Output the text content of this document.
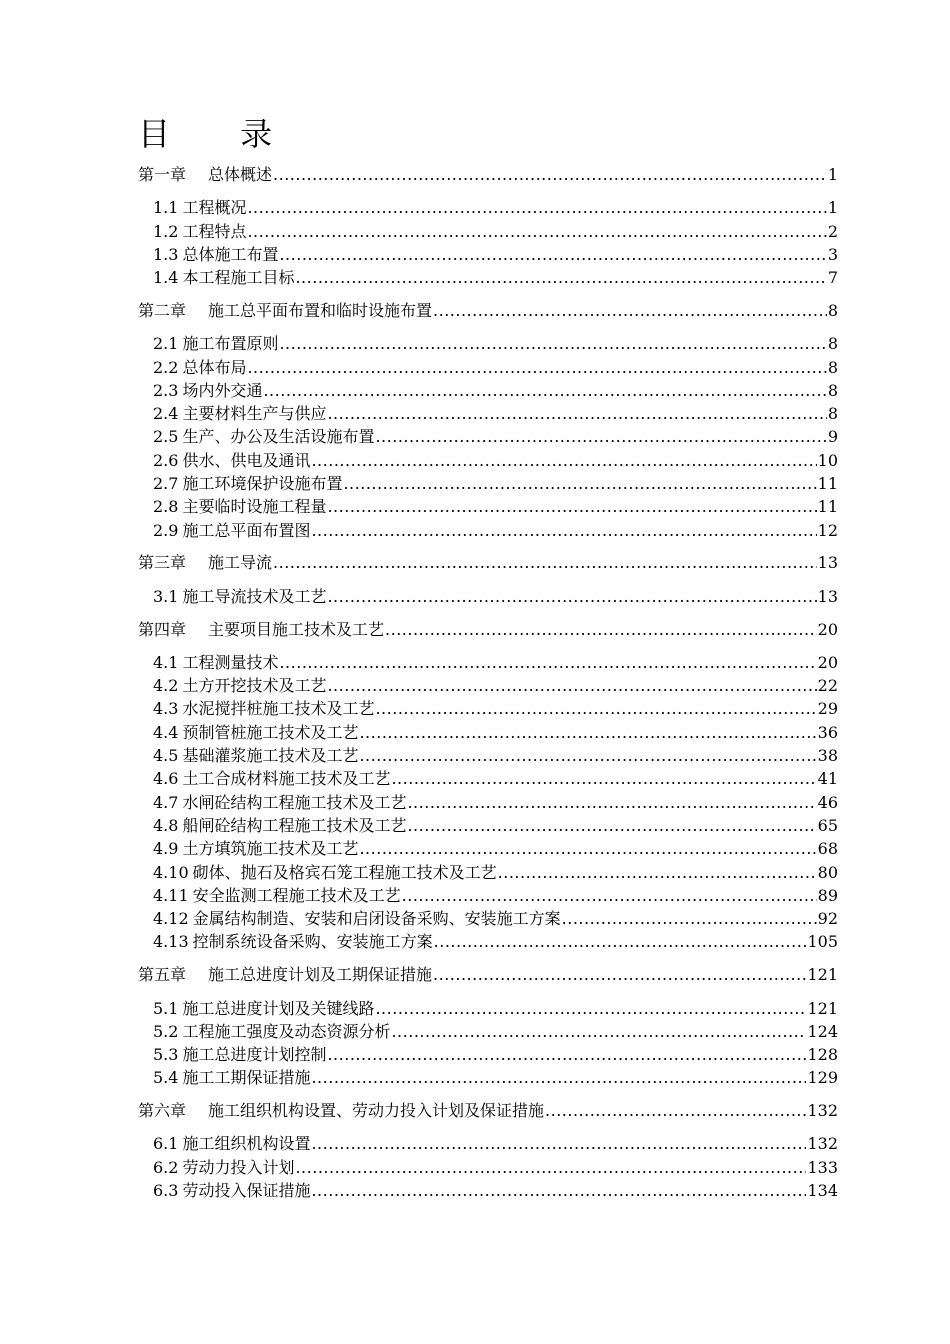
目 录
第一章 总体概述 .....	1
1.1 工程概况 .....	1
1.2 工程特点 .....	2
1.3 总体施工布置 .....	3
1.4 本工程施工目标 .....	7
第二章 施工总平面布置和临时设施布置 .....	8
2.1 施工布置原则 .....	8
2.2 总体布局 .....	8
2.3 场内外交通 .....	8
2.4 主要材料生产与供应 .....	8
2.5 生产、办公及生活设施布置 .....	9
2.6 供水、供电及通讯 .....	10
2.7 施工环境保护设施布置 .....	11
2.8 主要临时设施工程量 .....	11
2.9 施工总平面布置图 .....	12
第三章 施工导流 .....	13
3.1 施工导流技术及工艺 .....	13
第四章 主要项目施工技术及工艺 .....	20
4.1 工程测量技术 .....	20
4.2 土方开挖技术及工艺 .....	22
4.3 水泥搅拌桩施工技术及工艺 .....	29
4.4 预制管桩施工技术及工艺 .....	36
4.5 基础灌浆施工技术及工艺 .....	38
4.6 土工合成材料施工技术及工艺 .....	41
4.7 水闸砼结构工程施工技术及工艺 .....	46
4.8 船闸砼结构工程施工技术及工艺 .....	65
4.9 土方填筑施工技术及工艺 .....	68
4.10 砌体、抛石及格宾石笼工程施工技术及工艺 .....	80
4.11 安全监测工程施工技术及工艺 .....	89
4.12 金属结构制造、安装和启闭设备采购、安装施工方案 .....	92
4.13 控制系统设备采购、安装施工方案 .....	105
第五章 施工总进度计划及工期保证措施 .....	121
5.1 施工总进度计划及关键线路 .....	121
5.2 工程施工强度及动态资源分析 .....	124
5.3 施工总进度计划控制 .....	128
5.4 施工工期保证措施 .....	129
第六章 施工组织机构设置、劳动力投入计划及保证措施 .....	132
6.1 施工组织机构设置 .....	132
6.2 劳动力投入计划 .....	133
6.3 劳动投入保证措施 .....	134
